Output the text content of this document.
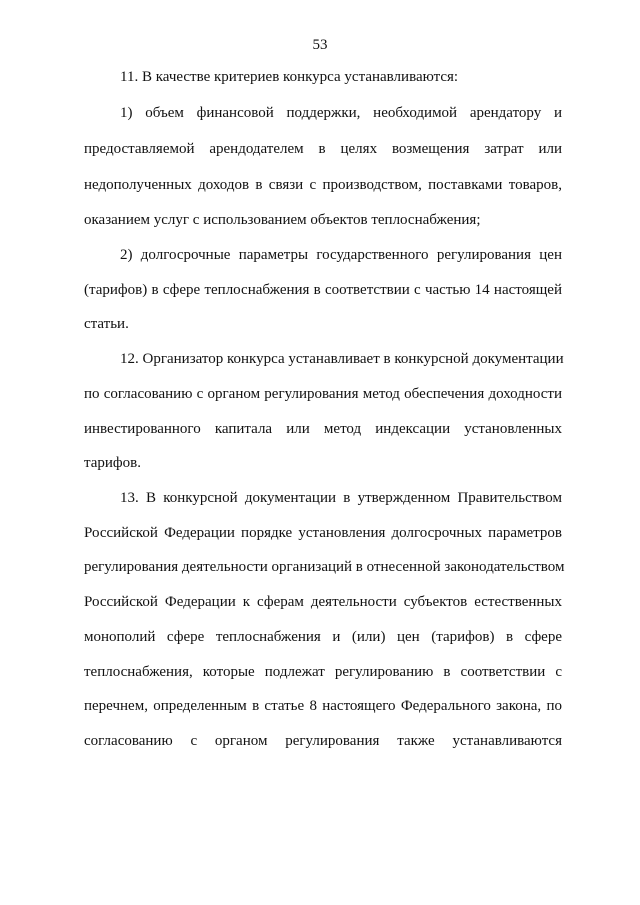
53
11. В качестве критериев конкурса устанавливаются:
1) объем финансовой поддержки, необходимой арендатору и
предоставляемой арендодателем в целях возмещения затрат или
недополученных доходов в связи с производством, поставками товаров,
оказанием услуг с использованием объектов теплоснабжения;
2) долгосрочные параметры государственного регулирования цен
(тарифов) в сфере теплоснабжения в соответствии с частью 14 настоящей
статьи.
12. Организатор конкурса устанавливает в конкурсной документации
по согласованию с органом регулирования метод обеспечения доходности
инвестированного капитала или метод индексации установленных
тарифов.
13. В конкурсной документации в утвержденном Правительством
Российской Федерации порядке установления долгосрочных параметров
регулирования деятельности организаций в отнесенной законодательством
Российской Федерации к сферам деятельности субъектов естественных
монополий сфере теплоснабжения и (или) цен (тарифов) в сфере
теплоснабжения, которые подлежат регулированию в соответствии с
перечнем, определенным в статье 8 настоящего Федерального закона, по
согласованию с органом регулирования также устанавливаются
